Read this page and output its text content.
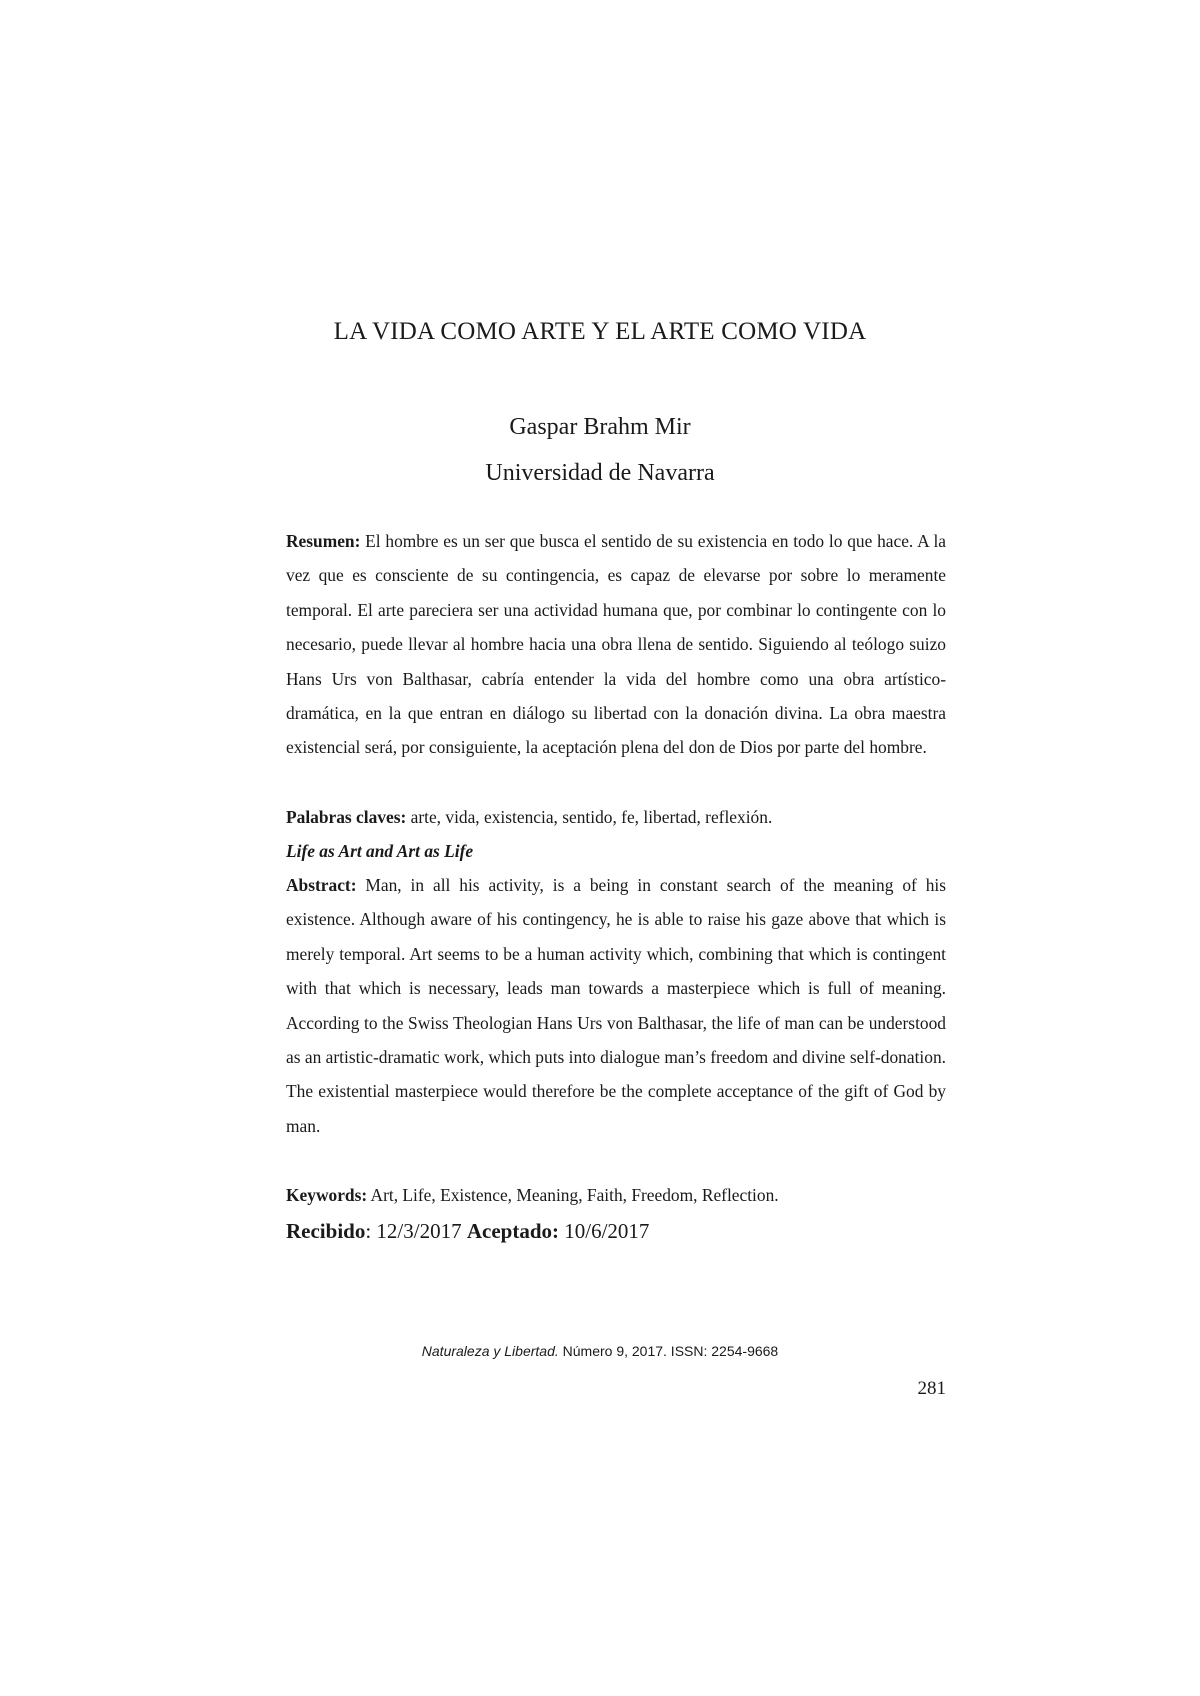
LA VIDA COMO ARTE Y EL ARTE COMO VIDA
Gaspar Brahm Mir
Universidad de Navarra
Resumen: El hombre es un ser que busca el sentido de su existencia en todo lo que hace. A la vez que es consciente de su contingencia, es capaz de elevarse por sobre lo meramente temporal. El arte pareciera ser una actividad humana que, por combinar lo contingente con lo necesario, puede llevar al hombre hacia una obra llena de sentido. Siguiendo al teólogo suizo Hans Urs von Balthasar, cabría entender la vida del hombre como una obra artístico-dramática, en la que entran en diálogo su libertad con la donación divina. La obra maestra existencial será, por consiguiente, la aceptación plena del don de Dios por parte del hombre.
Palabras claves: arte, vida, existencia, sentido, fe, libertad, reflexión.
Life as Art and Art as Life
Abstract: Man, in all his activity, is a being in constant search of the meaning of his existence. Although aware of his contingency, he is able to raise his gaze above that which is merely temporal. Art seems to be a human activity which, combining that which is contingent with that which is necessary, leads man towards a masterpiece which is full of meaning. According to the Swiss Theologian Hans Urs von Balthasar, the life of man can be understood as an artistic-dramatic work, which puts into dialogue man’s freedom and divine self-donation. The existential masterpiece would therefore be the complete acceptance of the gift of God by man.
Keywords: Art, Life, Existence, Meaning, Faith, Freedom, Reflection.
Recibido: 12/3/2017 Aceptado: 10/6/2017
Naturaleza y Libertad. Número 9, 2017. ISSN: 2254-9668
281
